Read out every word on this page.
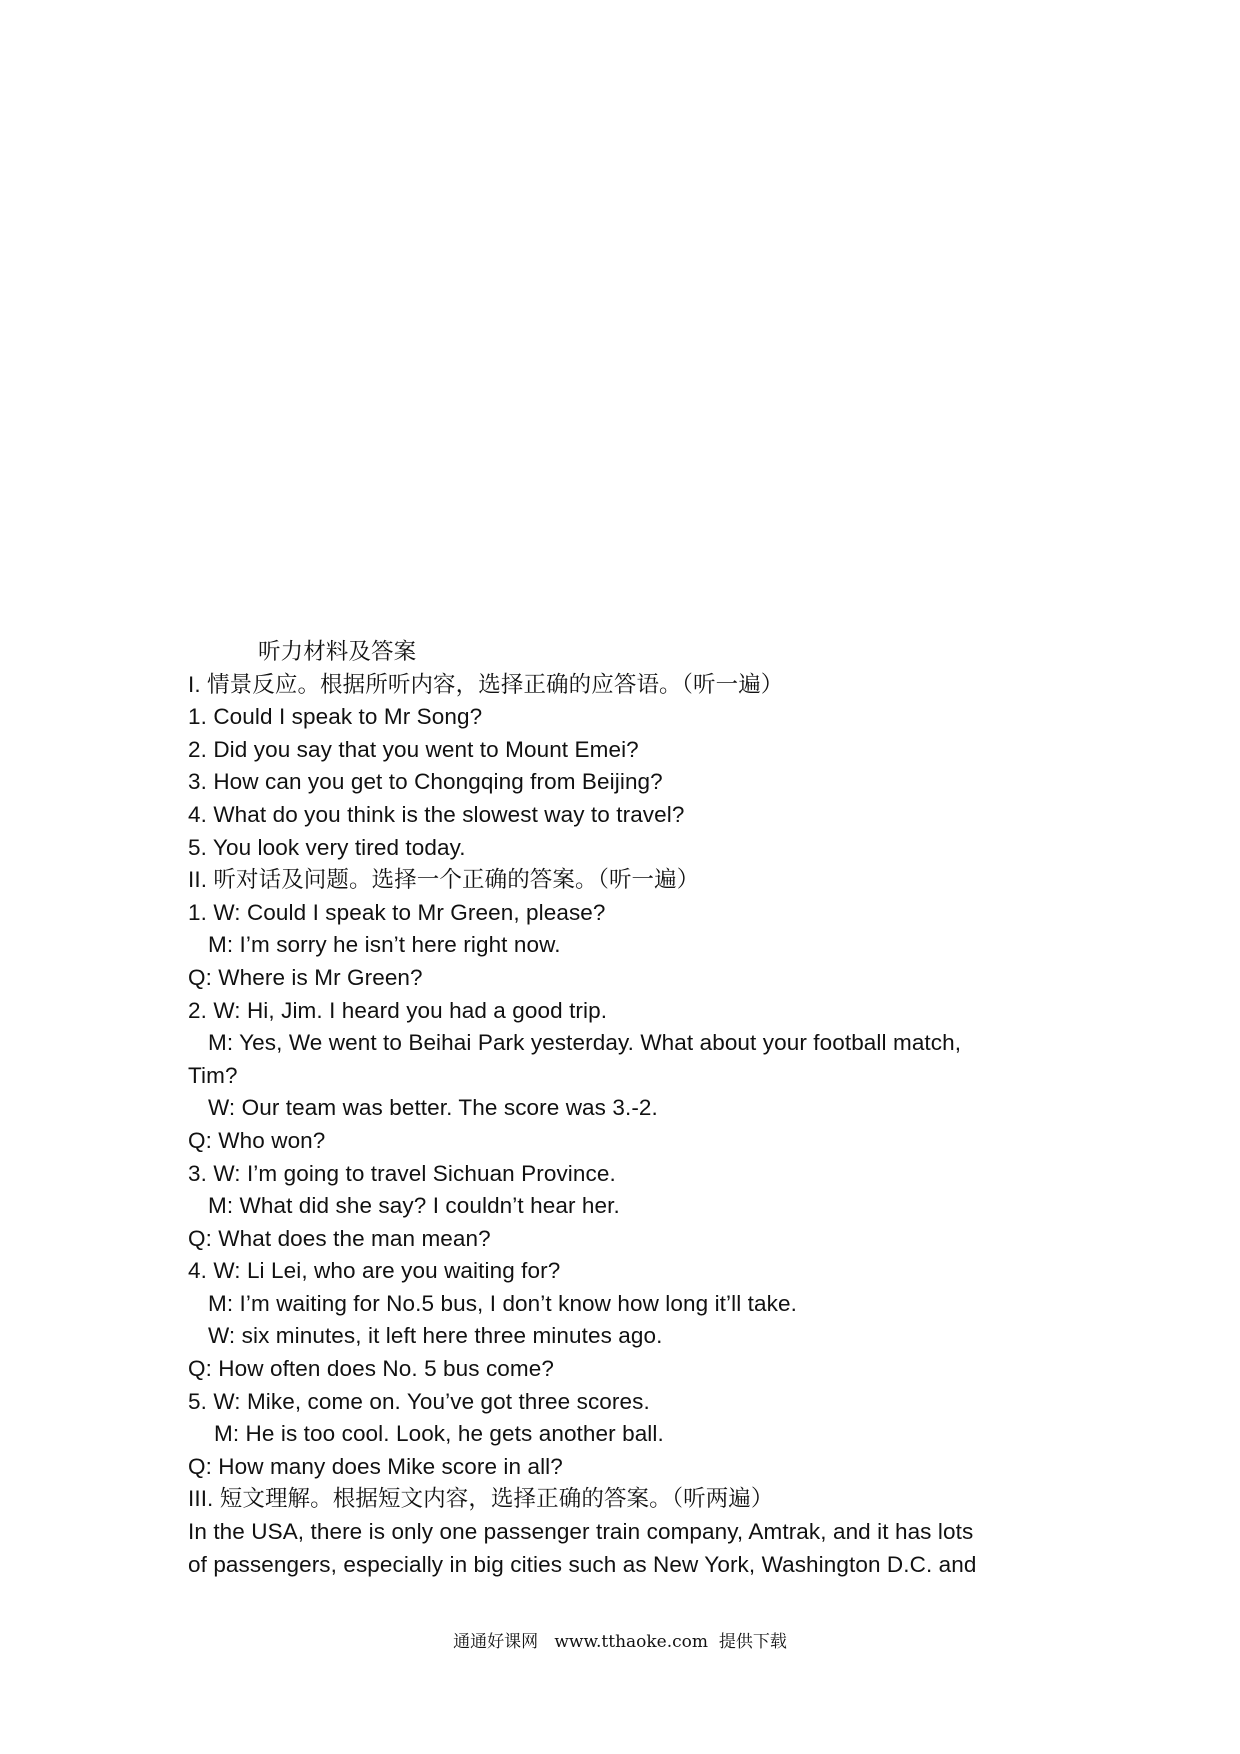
听力材料及答案
I. 情景反应。根据所听内容，选择正确的应答语。（听一遍）
1. Could I speak to Mr Song?
2. Did you say that you went to Mount Emei?
3. How can you get to Chongqing from Beijing?
4. What do you think is the slowest way to travel?
5. You look very tired today.
II. 听对话及问题。选择一个正确的答案。（听一遍）
1. W: Could I speak to Mr Green, please?
M: I’m sorry he isn’t here right now.
Q: Where is Mr Green?
2. W: Hi, Jim. I heard you had a good trip.
M: Yes, We went to Beihai Park yesterday. What about your football match,
Tim?
W: Our team was better. The score was 3.-2.
Q: Who won?
3. W: I’m going to travel Sichuan Province.
M: What did she say? I couldn’t hear her.
Q: What does the man mean?
4. W: Li Lei, who are you waiting for?
M: I’m waiting for No.5 bus, I don’t know how long it’ll take.
W: six minutes, it left here three minutes ago.
Q: How often does No. 5 bus come?
5. W: Mike, come on. You’ve got three scores.
M: He is too cool. Look, he gets another ball.
Q: How many does Mike score in all?
III. 短文理解。根据短文内容，选择正确的答案。（听两遍）
In the USA, there is only one passenger train company, Amtrak, and it has lots
of passengers, especially in big cities such as New York, Washington D.C. and
通通好课网 www.tthaoke.com 提供下载
